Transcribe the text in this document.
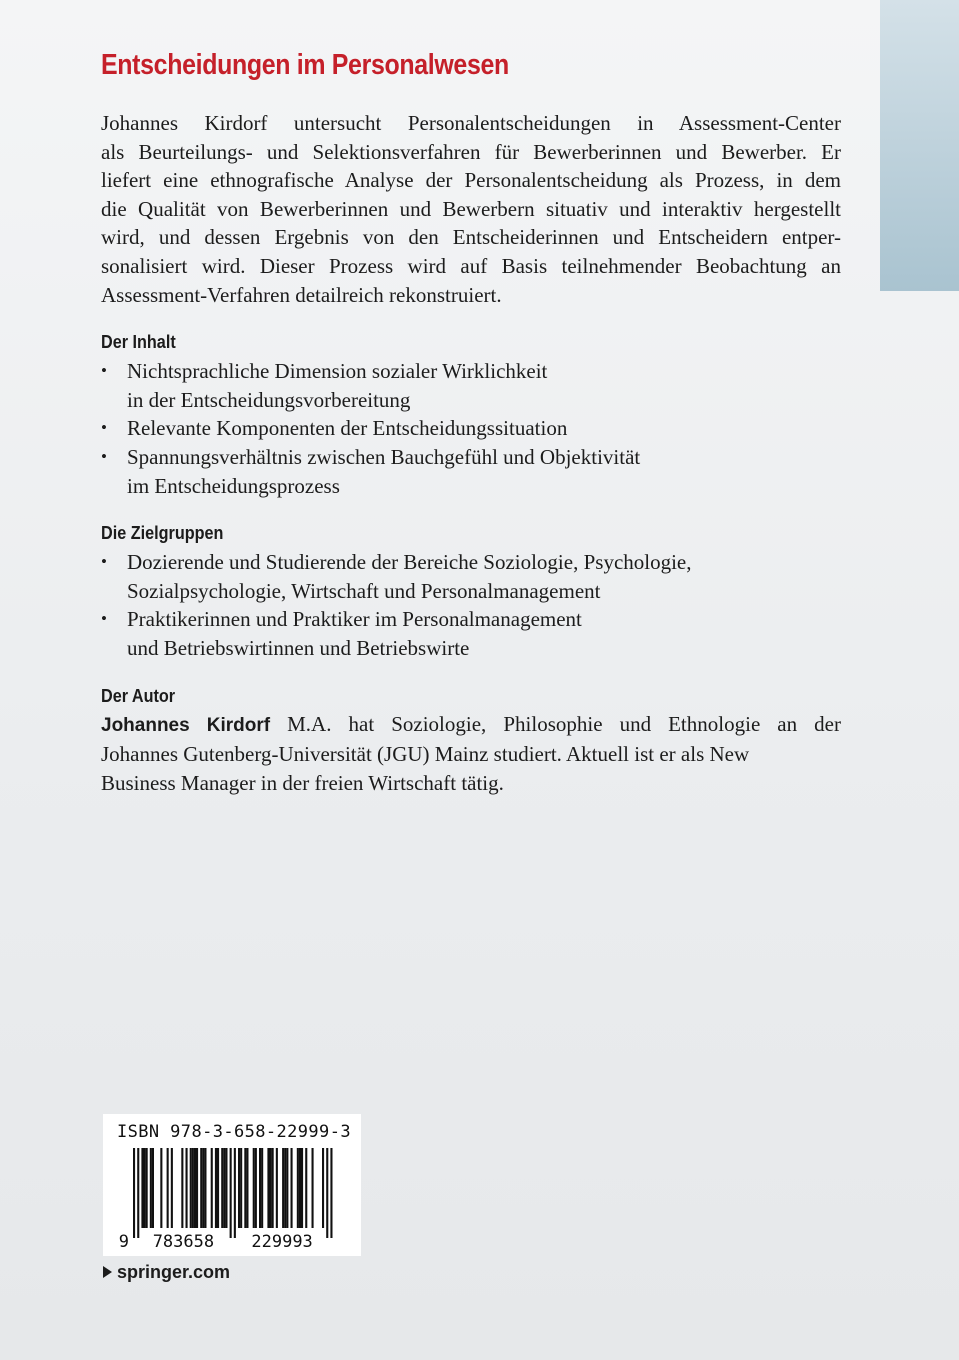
Entscheidungen im Personalwesen
Johannes Kirdorf untersucht Personalentscheidungen in Assessment-Center
als Beurteilungs- und Selektionsverfahren für Bewerberinnen und Bewerber. Er
liefert eine ethnografische Analyse der Personalentscheidung als Prozess, in dem
die Qualität von Bewerberinnen und Bewerbern situativ und interaktiv hergestellt
wird, und dessen Ergebnis von den Entscheiderinnen und Entscheidern entper-
sonalisiert wird. Dieser Prozess wird auf Basis teilnehmender Beobachtung an
Assessment-Verfahren detailreich rekonstruiert.
Der Inhalt
• Nichtsprachliche Dimension sozialer Wirklichkeit
in der Entscheidungsvorbereitung
• Relevante Komponenten der Entscheidungssituation
• Spannungsverhältnis zwischen Bauchgefühl und Objektivität
im Entscheidungsprozess
Die Zielgruppen
• Dozierende und Studierende der Bereiche Soziologie, Psychologie,
Sozialpsychologie, Wirtschaft und Personalmanagement
• Praktikerinnen und Praktiker im Personalmanagement
und Betriebswirtinnen und Betriebswirte
Der Autor
Johannes Kirdorf M.A. hat Soziologie, Philosophie und Ethnologie an der
Johannes Gutenberg-Universität (JGU) Mainz studiert. Aktuell ist er als New
Business Manager in der freien Wirtschaft tätig.
ISBN 978-3-658-22999-3
9 783658 229993
springer.com
